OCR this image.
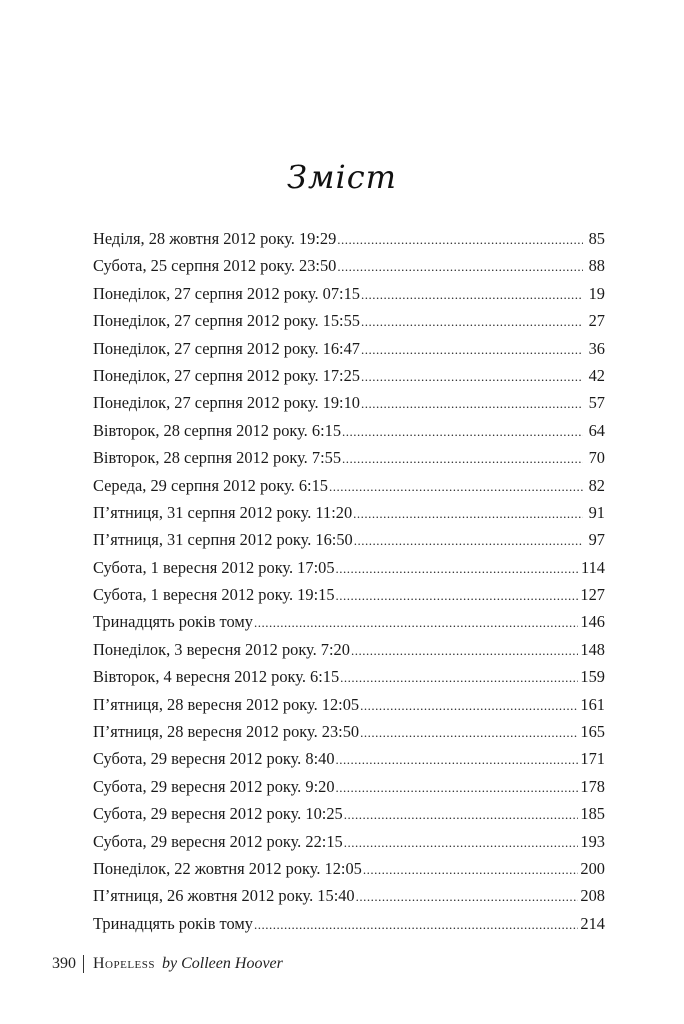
Зміст
Неділя, 28 жовтня 2012 року. 19:29 .....	85
Субота, 25 серпня 2012 року. 23:50 .....	88
Понеділок, 27 серпня 2012 року. 07:15 .....	19
Понеділок, 27 серпня 2012 року. 15:55 .....	27
Понеділок, 27 серпня 2012 року. 16:47 .....	36
Понеділок, 27 серпня 2012 року. 17:25 .....	42
Понеділок, 27 серпня 2012 року. 19:10 .....	57
Вівторок, 28 серпня 2012 року. 6:15 .....	64
Вівторок, 28 серпня 2012 року. 7:55 .....	70
Середа, 29 серпня 2012 року. 6:15 .....	82
П’ятниця, 31 серпня 2012 року. 11:20 .....	91
П’ятниця, 31 серпня 2012 року. 16:50 .....	97
Субота, 1 вересня 2012 року. 17:05 .....	114
Субота, 1 вересня 2012 року. 19:15 .....	127
Тринадцять років тому .....	146
Понеділок, 3 вересня 2012 року. 7:20 .....	148
Вівторок, 4 вересня 2012 року. 6:15 .....	159
П’ятниця, 28 вересня 2012 року. 12:05 .....	161
П’ятниця, 28 вересня 2012 року. 23:50 .....	165
Субота, 29 вересня 2012 року. 8:40 .....	171
Субота, 29 вересня 2012 року. 9:20 .....	178
Субота, 29 вересня 2012 року. 10:25 .....	185
Субота, 29 вересня 2012 року. 22:15 .....	193
Понеділок, 22 жовтня 2012 року. 12:05 .....	200
П’ятниця, 26 жовтня 2012 року. 15:40 .....	208
Тринадцять років тому .....	214
390 Hopeless by Colleen Hoover
